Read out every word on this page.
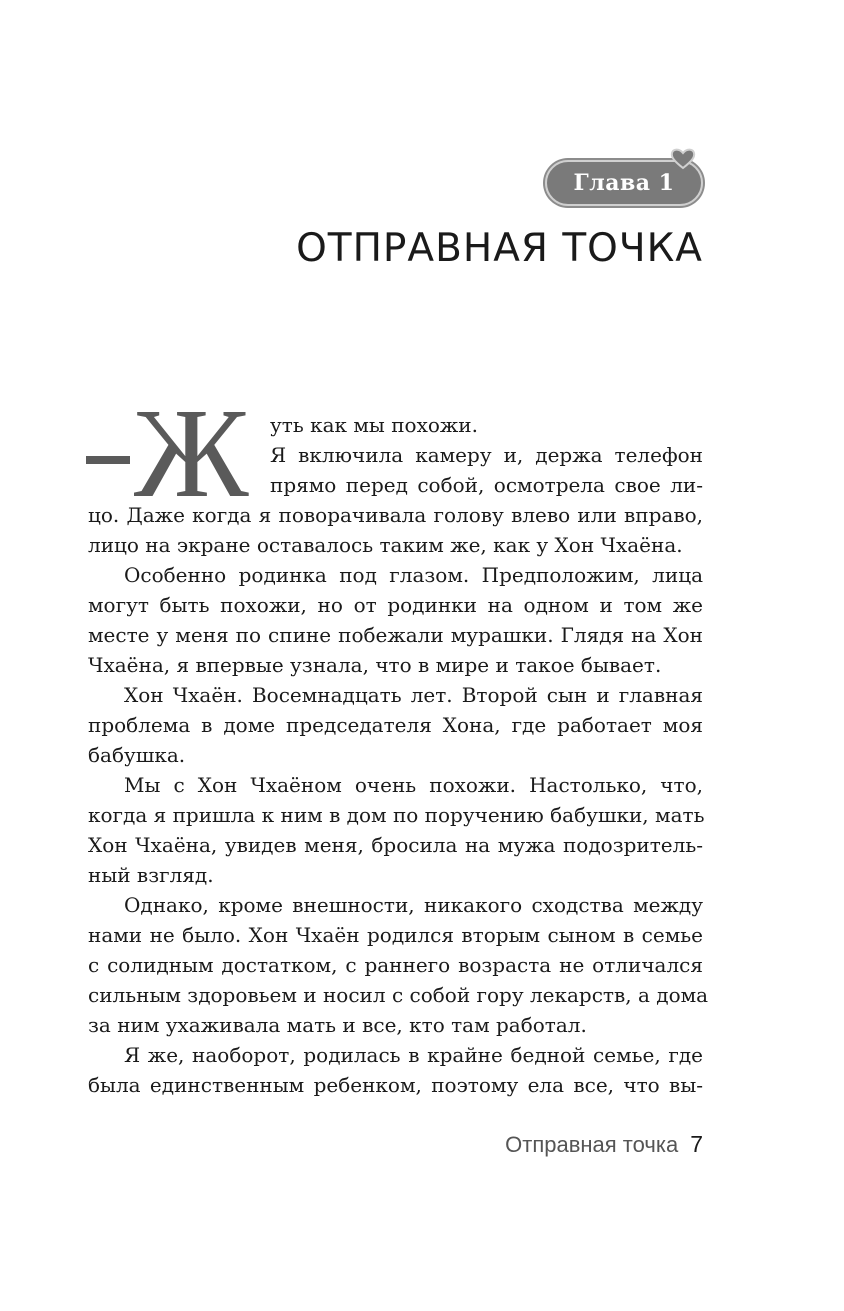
Глава 1
ОТПРАВНАЯ ТОЧКА
Ж уть как мы похожи.
Я включила камеру и, держа телефон
прямо перед собой, осмотрела свое ли-
цо. Даже когда я поворачивала голову влево или вправо,
лицо на экране оставалось таким же, как у Хон Чхаёна.
Особенно родинка под глазом. Предположим, лица
могут быть похожи, но от родинки на одном и том же
месте у меня по спине побежали мурашки. Глядя на Хон
Чхаёна, я впервые узнала, что в мире и такое бывает.
Хон Чхаён. Восемнадцать лет. Второй сын и главная
проблема в доме председателя Хона, где работает моя
бабушка.
Мы с Хон Чхаёном очень похожи. Настолько, что,
когда я пришла к ним в дом по поручению бабушки, мать
Хон Чхаёна, увидев меня, бросила на мужа подозритель-
ный взгляд.
Однако, кроме внешности, никакого сходства между
нами не было. Хон Чхаён родился вторым сыном в семье
с солидным достатком, с раннего возраста не отличался
сильным здоровьем и носил с собой гору лекарств, а дома
за ним ухаживала мать и все, кто там работал.
Я же, наоборот, родилась в крайне бедной семье, где
была единственным ребенком, поэтому ела все, что вы-
Отправная точка 7
